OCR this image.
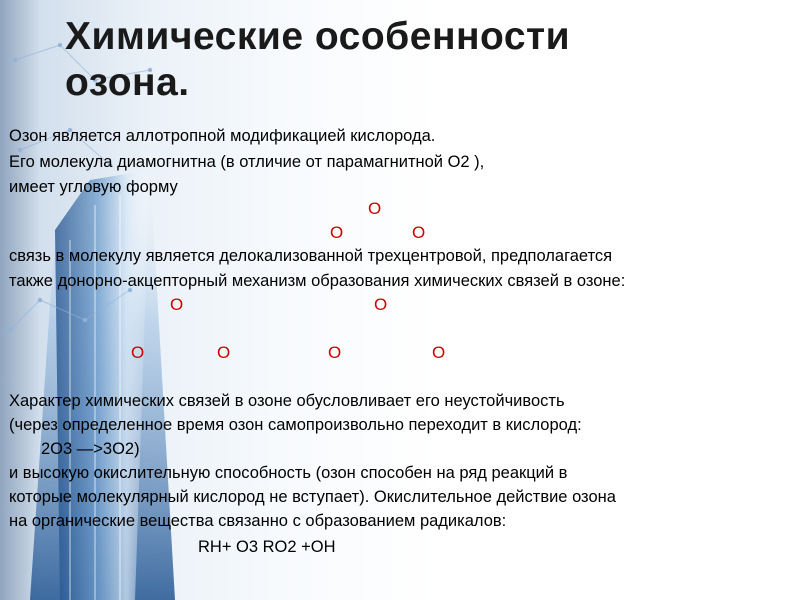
Химические особенности
озона.
Озон является аллотропной модификацией кислорода.
Его молекула диамогнитна (в отличие от парамагнитной О2 ),
имеет угловую форму
O
O	O
связь в молекулу является делокализованной трехцентровой, предполагается
также донорно-акцепторный механизм образования химических связей в озоне:
O	O
O	O	O	O
Характер химических связей в озоне обусловливает его неустойчивость
(через определенное время озон самопроизвольно переходит в кислород:
2O3 —>3O2)
и высокую окислительную способность (озон способен на ряд реакций в
которые молекулярный кислород не вступает). Окислительное действие озона
на органические вещества связанно с образованием радикалов:
RH+ O3 RO2 +OH
